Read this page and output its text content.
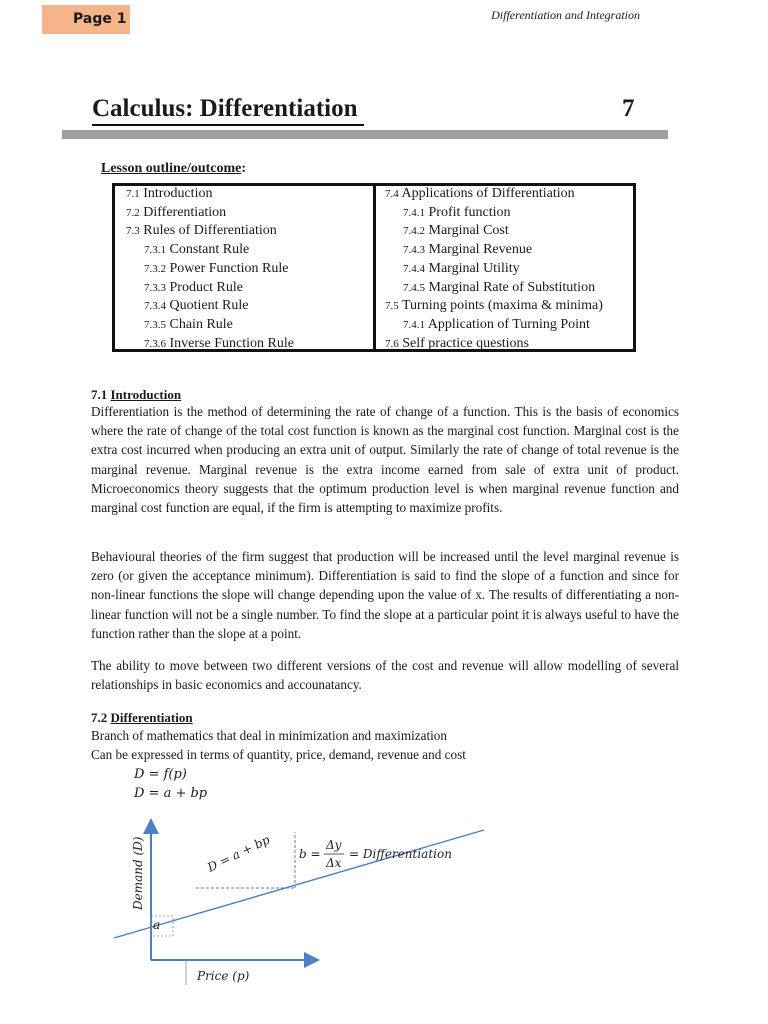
Page 1	Differentiation and Integration
Calculus: Differentiation	7
Lesson outline/outcome:
7.1 Introduction
7.2 Differentiation
7.3 Rules of Differentiation
7.3.1 Constant Rule
7.3.2 Power Function Rule
7.3.3 Product Rule
7.3.4 Quotient Rule
7.3.5 Chain Rule
7.3.6 Inverse Function Rule
7.4 Applications of Differentiation
7.4.1 Profit function
7.4.2 Marginal Cost
7.4.3 Marginal Revenue
7.4.4 Marginal Utility
7.4.5 Marginal Rate of Substitution
7.5 Turning points (maxima & minima)
7.4.1 Application of Turning Point
7.6 Self practice questions
7.1 Introduction
Differentiation is the method of determining the rate of change of a function. This is the basis of economics where the rate of change of the total cost function is known as the marginal cost function. Marginal cost is the extra cost incurred when producing an extra unit of output. Similarly the rate of change of total revenue is the marginal revenue. Marginal revenue is the extra income earned from sale of extra unit of product. Microeconomics theory suggests that the optimum production level is when marginal revenue function and marginal cost function are equal, if the firm is attempting to maximize profits.
Behavioural theories of the firm suggest that production will be increased until the level marginal revenue is zero (or given the acceptance minimum). Differentiation is said to find the slope of a function and since for non-linear functions the slope will change depending upon the value of x. The results of differentiating a non-linear function will not be a single number. To find the slope at a particular point it is always useful to have the function rather than the slope at a point.
The ability to move between two different versions of the cost and revenue will allow modelling of several relationships in basic economics and accounatancy.
7.2 Differentiation
Branch of mathematics that deal in minimization and maximization
Can be expressed in terms of quantity, price, demand, revenue and cost
D = f(p)
D = a + bp
Demand (D)
Price (p)
D = a + bp
a
b =
Δy
Δx
= Differentiation
